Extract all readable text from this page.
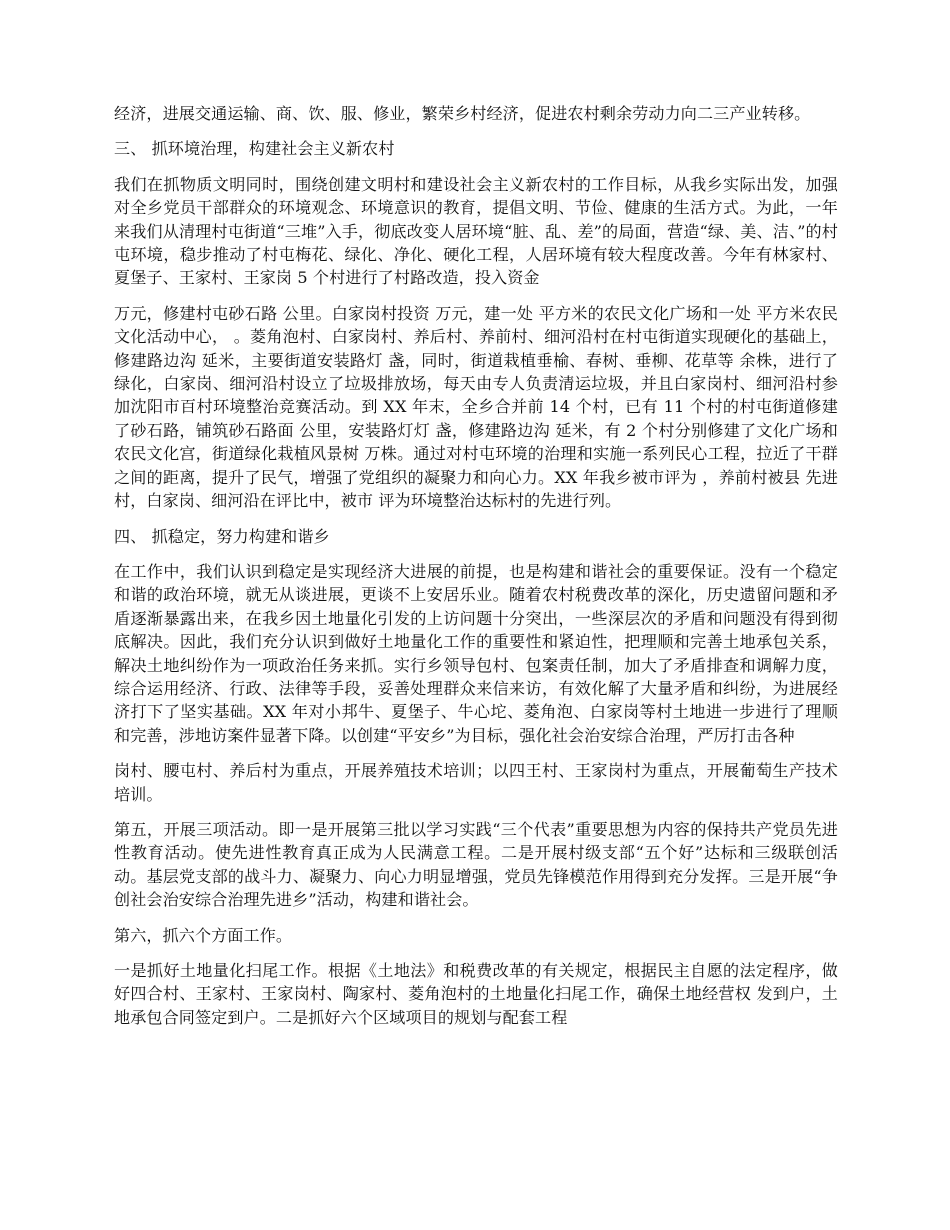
经济，进展交通运输、商、饮、服、修业，繁荣乡村经济，促进农村剩余劳动力向二三产业转移。

三、 抓环境治理，构建社会主义新农村

我们在抓物质文明同时，围绕创建文明村和建设社会主义新农村的工作目标，从我乡实际出发，加强对全乡党员干部群众的环境观念、环境意识的教育，提倡文明、节俭、健康的生活方式。为此，一年来我们从清理村屯街道“三堆”入手，彻底改变人居环境“脏、乱、差”的局面，营造“绿、美、洁、”的村屯环境，稳步推动了村屯梅花、绿化、净化、硬化工程，人居环境有较大程度改善。今年有林家村、夏堡子、王家村、王家岗 5 个村进行了村路改造，投入资金

万元，修建村屯砂石路 公里。白家岗村投资 万元，建一处 平方米的农民文化广场和一处 平方米农民文化活动中心， 。菱角泡村、白家岗村、养后村、养前村、细河沿村在村屯街道实现硬化的基础上，修建路边沟 延米，主要街道安装路灯 盏，同时，街道栽植垂榆、春树、垂柳、花草等 余株，进行了绿化，白家岗、细河沿村设立了垃圾排放场，每天由专人负责清运垃圾，并且白家岗村、细河沿村参加沈阳市百村环境整治竞赛活动。到 XX 年末，全乡合并前 14 个村，已有 11 个村的村屯街道修建了砂石路，铺筑砂石路面 公里，安装路灯灯 盏，修建路边沟 延米，有 2 个村分别修建了文化广场和农民文化宫，街道绿化栽植风景树 万株。通过对村屯环境的治理和实施一系列民心工程，拉近了干群之间的距离，提升了民气，增强了党组织的凝聚力和向心力。XX 年我乡被市评为 ，养前村被县 先进村，白家岗、细河沿在评比中，被市 评为环境整治达标村的先进行列。

四、 抓稳定，努力构建和谐乡

在工作中，我们认识到稳定是实现经济大进展的前提，也是构建和谐社会的重要保证。没有一个稳定和谐的政治环境，就无从谈进展，更谈不上安居乐业。随着农村税费改革的深化，历史遗留问题和矛盾逐渐暴露出来，在我乡因土地量化引发的上访问题十分突出，一些深层次的矛盾和问题没有得到彻底解决。因此，我们充分认识到做好土地量化工作的重要性和紧迫性，把理顺和完善土地承包关系，解决土地纠纷作为一项政治任务来抓。实行乡领导包村、包案责任制，加大了矛盾排查和调解力度，综合运用经济、行政、法律等手段，妥善处理群众来信来访，有效化解了大量矛盾和纠纷，为进展经济打下了坚实基础。XX 年对小邦牛、夏堡子、牛心坨、菱角泡、白家岗等村土地进一步进行了理顺和完善，涉地访案件显著下降。以创建“平安乡”为目标，强化社会治安综合治理，严厉打击各种

岗村、腰屯村、养后村为重点，开展养殖技术培训；以四王村、王家岗村为重点，开展葡萄生产技术培训。

第五，开展三项活动。即一是开展第三批以学习实践“三个代表”重要思想为内容的保持共产党员先进性教育活动。使先进性教育真正成为人民满意工程。二是开展村级支部“五个好”达标和三级联创活动。基层党支部的战斗力、凝聚力、向心力明显增强，党员先锋模范作用得到充分发挥。三是开展“争创社会治安综合治理先进乡”活动，构建和谐社会。

第六，抓六个方面工作。

一是抓好土地量化扫尾工作。根据《土地法》和税费改革的有关规定，根据民主自愿的法定程序，做好四合村、王家村、王家岗村、陶家村、菱角泡村的土地量化扫尾工作，确保土地经营权 发到户，土地承包合同签定到户。二是抓好六个区域项目的规划与配套工程
